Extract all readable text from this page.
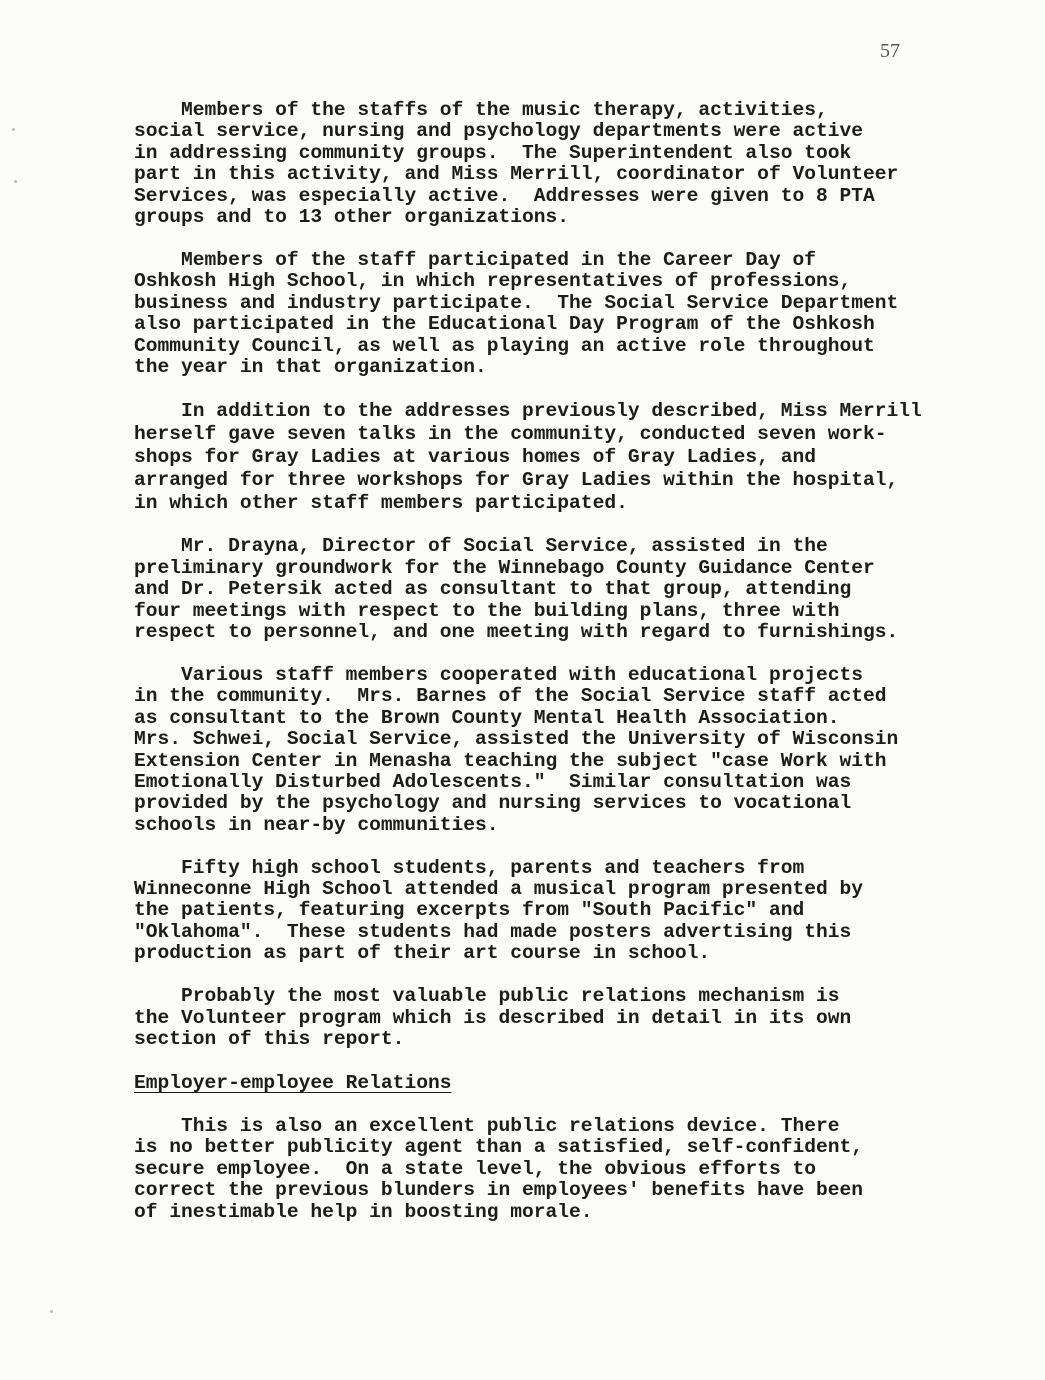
57
Members of the staffs of the music therapy, activities,
social service, nursing and psychology departments were active
in addressing community groups.  The Superintendent also took
part in this activity, and Miss Merrill, coordinator of Volunteer
Services, was especially active.  Addresses were given to 8 PTA
groups and to 13 other organizations.
Members of the staff participated in the Career Day of
Oshkosh High School, in which representatives of professions,
business and industry participate.  The Social Service Department
also participated in the Educational Day Program of the Oshkosh
Community Council, as well as playing an active role throughout
the year in that organization.
In addition to the addresses previously described, Miss Merrill
herself gave seven talks in the community, conducted seven work-
shops for Gray Ladies at various homes of Gray Ladies, and
arranged for three workshops for Gray Ladies within the hospital,
in which other staff members participated.
Mr. Drayna, Director of Social Service, assisted in the
preliminary groundwork for the Winnebago County Guidance Center
and Dr. Petersik acted as consultant to that group, attending
four meetings with respect to the building plans, three with
respect to personnel, and one meeting with regard to furnishings.
Various staff members cooperated with educational projects
in the community.  Mrs. Barnes of the Social Service staff acted
as consultant to the Brown County Mental Health Association.
Mrs. Schwei, Social Service, assisted the University of Wisconsin
Extension Center in Menasha teaching the subject "case Work with
Emotionally Disturbed Adolescents."  Similar consultation was
provided by the psychology and nursing services to vocational
schools in near-by communities.
Fifty high school students, parents and teachers from
Winneconne High School attended a musical program presented by
the patients, featuring excerpts from "South Pacific" and
"Oklahoma".  These students had made posters advertising this
production as part of their art course in school.
Probably the most valuable public relations mechanism is
the Volunteer program which is described in detail in its own
section of this report.
Employer-employee Relations
This is also an excellent public relations device. There
is no better publicity agent than a satisfied, self-confident,
secure employee.  On a state level, the obvious efforts to
correct the previous blunders in employees' benefits have been
of inestimable help in boosting morale.
